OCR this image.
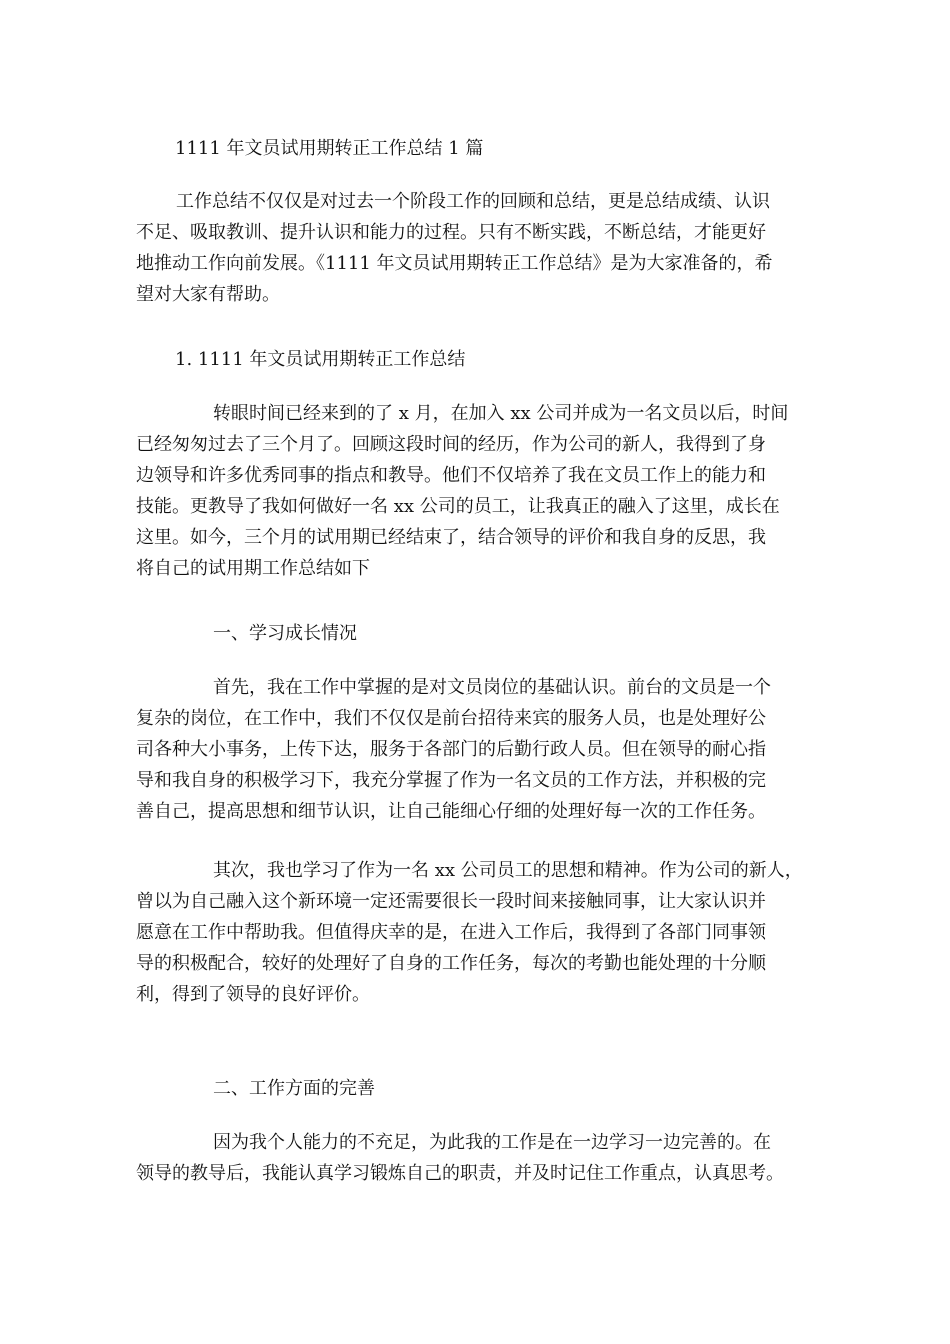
1111 年文员试用期转正工作总结 1 篇
工作总结不仅仅是对过去一个阶段工作的回顾和总结，更是总结成绩、认识
不足、吸取教训、提升认识和能力的过程。只有不断实践，不断总结，才能更好
地推动工作向前发展。《1111 年文员试用期转正工作总结》是为大家准备的，希
望对大家有帮助。
1. 1111 年文员试用期转正工作总结
转眼时间已经来到的了 x 月，在加入 xx 公司并成为一名文员以后，时间
已经匆匆过去了三个月了。回顾这段时间的经历，作为公司的新人，我得到了身
边领导和许多优秀同事的指点和教导。他们不仅培养了我在文员工作上的能力和
技能。更教导了我如何做好一名 xx 公司的员工，让我真正的融入了这里，成长在
这里。如今，三个月的试用期已经结束了，结合领导的评价和我自身的反思，我
将自己的试用期工作总结如下
一、学习成长情况
首先，我在工作中掌握的是对文员岗位的基础认识。前台的文员是一个
复杂的岗位，在工作中，我们不仅仅是前台招待来宾的服务人员，也是处理好公
司各种大小事务，上传下达，服务于各部门的后勤行政人员。但在领导的耐心指
导和我自身的积极学习下，我充分掌握了作为一名文员的工作方法，并积极的完
善自己，提高思想和细节认识，让自己能细心仔细的处理好每一次的工作任务。
其次，我也学习了作为一名 xx 公司员工的思想和精神。作为公司的新人，
曾以为自己融入这个新环境一定还需要很长一段时间来接触同事，让大家认识并
愿意在工作中帮助我。但值得庆幸的是，在进入工作后，我得到了各部门同事领
导的积极配合，较好的处理好了自身的工作任务，每次的考勤也能处理的十分顺
利，得到了领导的良好评价。
二、工作方面的完善
因为我个人能力的不充足，为此我的工作是在一边学习一边完善的。在
领导的教导后，我能认真学习锻炼自己的职责，并及时记住工作重点，认真思考。
